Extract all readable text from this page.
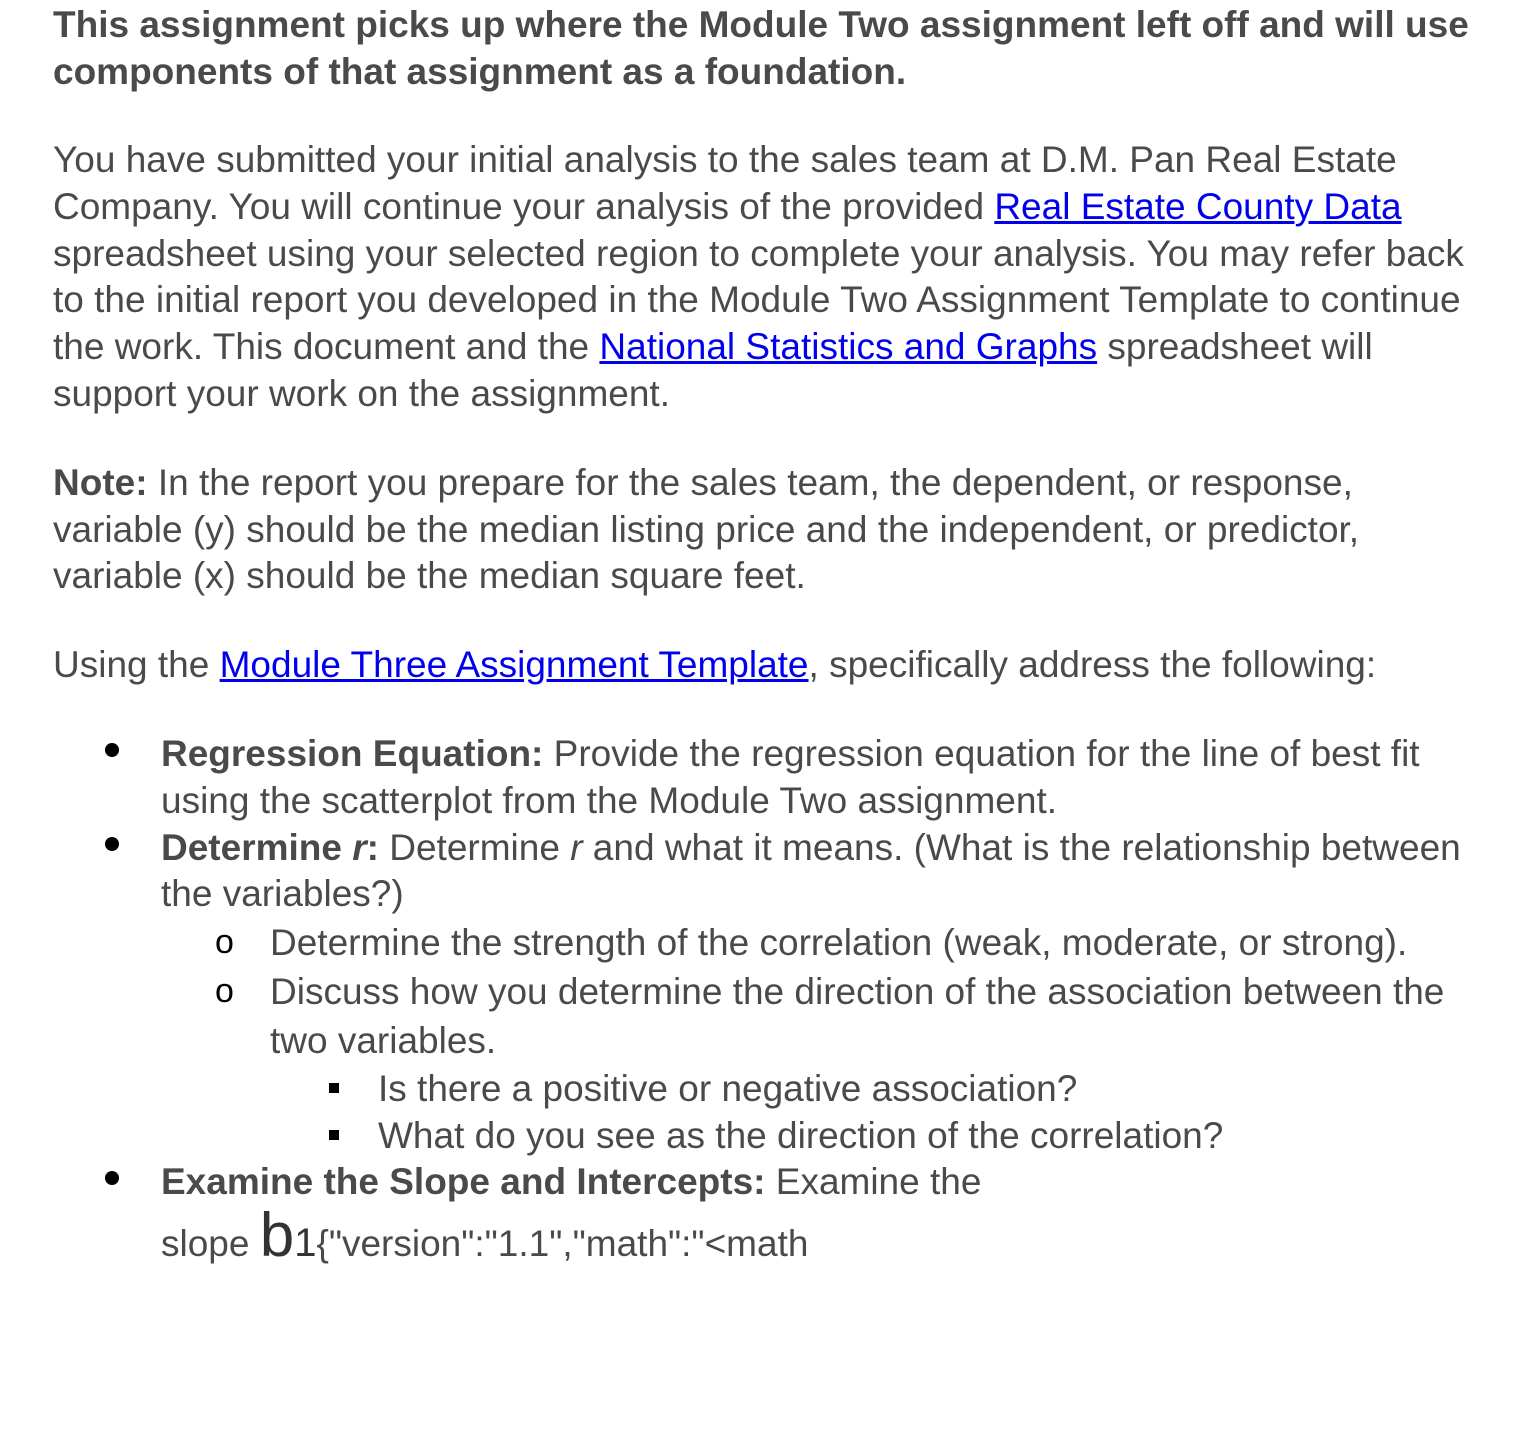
This assignment picks up where the Module Two assignment left off and will use components of that assignment as a foundation.

You have submitted your initial analysis to the sales team at D.M. Pan Real Estate Company. You will continue your analysis of the provided Real Estate County Data spreadsheet using your selected region to complete your analysis. You may refer back to the initial report you developed in the Module Two Assignment Template to continue the work. This document and the National Statistics and Graphs spreadsheet will support your work on the assignment.

Note: In the report you prepare for the sales team, the dependent, or response, variable (y) should be the median listing price and the independent, or predictor, variable (x) should be the median square feet.

Using the Module Three Assignment Template, specifically address the following:

Regression Equation: Provide the regression equation for the line of best fit using the scatterplot from the Module Two assignment.
Determine r: Determine r and what it means. (What is the relationship between the variables?)
o Determine the strength of the correlation (weak, moderate, or strong).
o Discuss how you determine the direction of the association between the two variables.
Is there a positive or negative association?
What do you see as the direction of the correlation?
Examine the Slope and Intercepts: Examine the
slope b1{"version":"1.1","math":"<math
